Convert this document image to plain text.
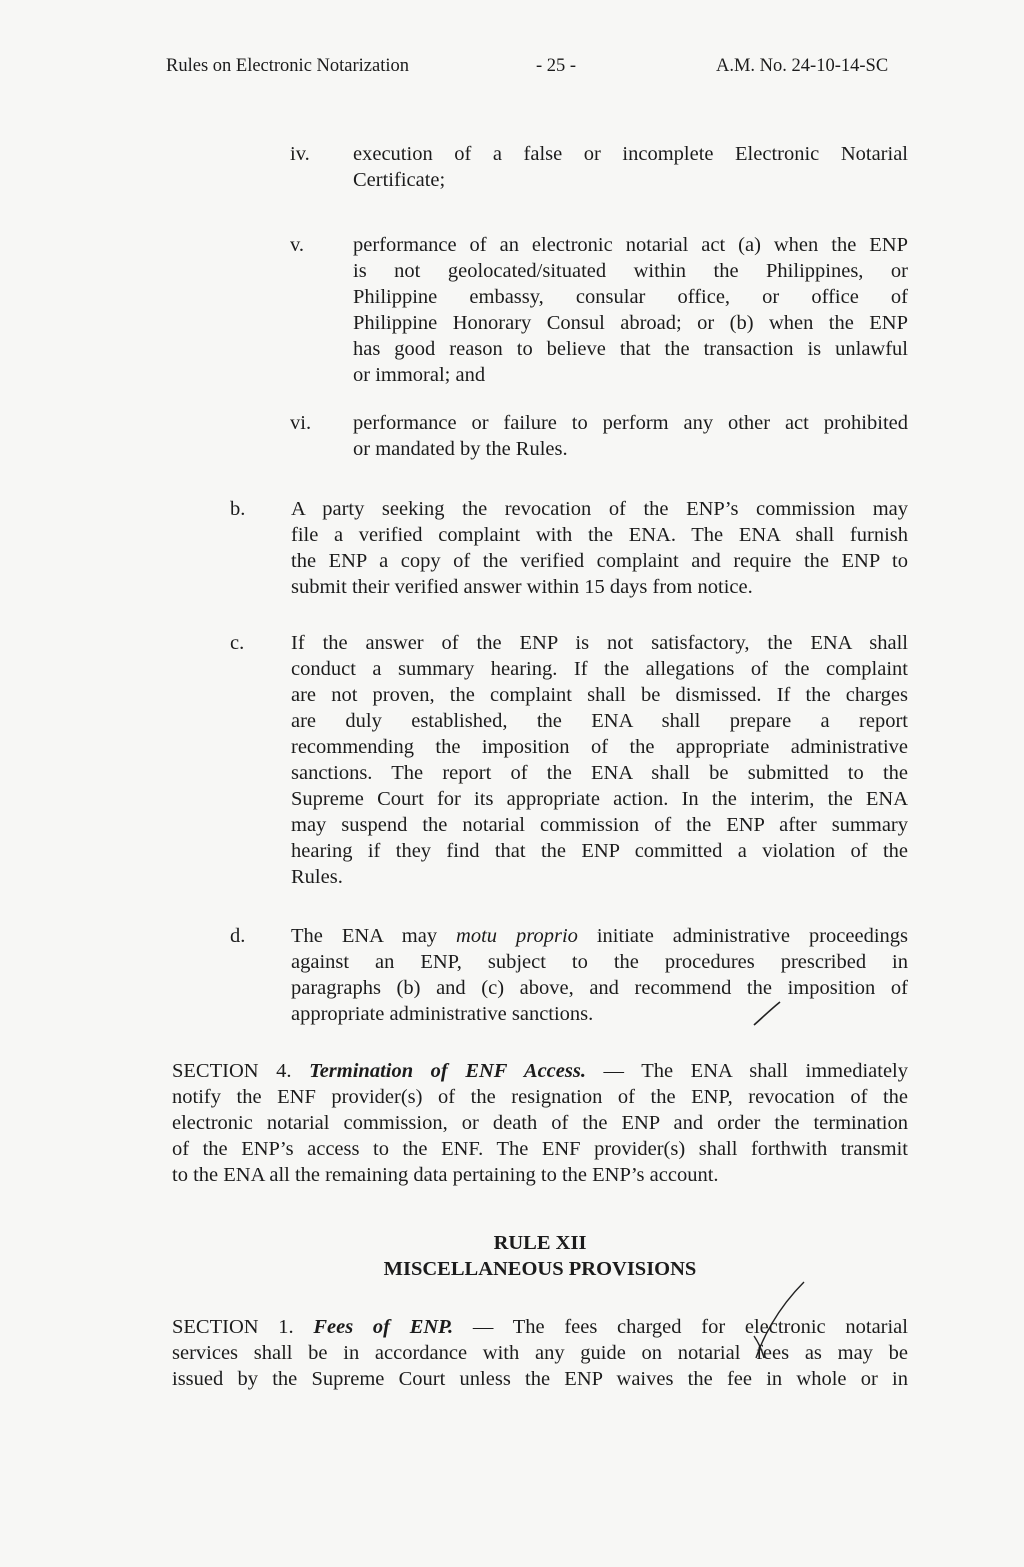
Rules on Electronic Notarization	- 25 -	A.M. No. 24-10-14-SC
iv. execution of a false or incomplete Electronic Notarial
Certificate;
v. performance of an electronic notarial act (a) when the ENP
is not geolocated/situated within the Philippines, or
Philippine embassy, consular office, or office of
Philippine Honorary Consul abroad; or (b) when the ENP
has good reason to believe that the transaction is unlawful
or immoral; and
vi. performance or failure to perform any other act prohibited
or mandated by the Rules.
b. A party seeking the revocation of the ENP’s commission may
file a verified complaint with the ENA. The ENA shall furnish
the ENP a copy of the verified complaint and require the ENP to
submit their verified answer within 15 days from notice.
c. If the answer of the ENP is not satisfactory, the ENA shall
conduct a summary hearing. If the allegations of the complaint
are not proven, the complaint shall be dismissed. If the charges
are duly established, the ENA shall prepare a report
recommending the imposition of the appropriate administrative
sanctions. The report of the ENA shall be submitted to the
Supreme Court for its appropriate action. In the interim, the ENA
may suspend the notarial commission of the ENP after summary
hearing if they find that the ENP committed a violation of the
Rules.
d. The ENA may motu proprio initiate administrative proceedings
against an ENP, subject to the procedures prescribed in
paragraphs (b) and (c) above, and recommend the imposition of
appropriate administrative sanctions.
SECTION 4. Termination of ENF Access. — The ENA shall immediately
notify the ENF provider(s) of the resignation of the ENP, revocation of the
electronic notarial commission, or death of the ENP and order the termination
of the ENP’s access to the ENF. The ENF provider(s) shall forthwith transmit
to the ENA all the remaining data pertaining to the ENP’s account.
RULE XII
MISCELLANEOUS PROVISIONS
SECTION 1. Fees of ENP. — The fees charged for electronic notarial
services shall be in accordance with any guide on notarial fees as may be
issued by the Supreme Court unless the ENP waives the fee in whole or in
